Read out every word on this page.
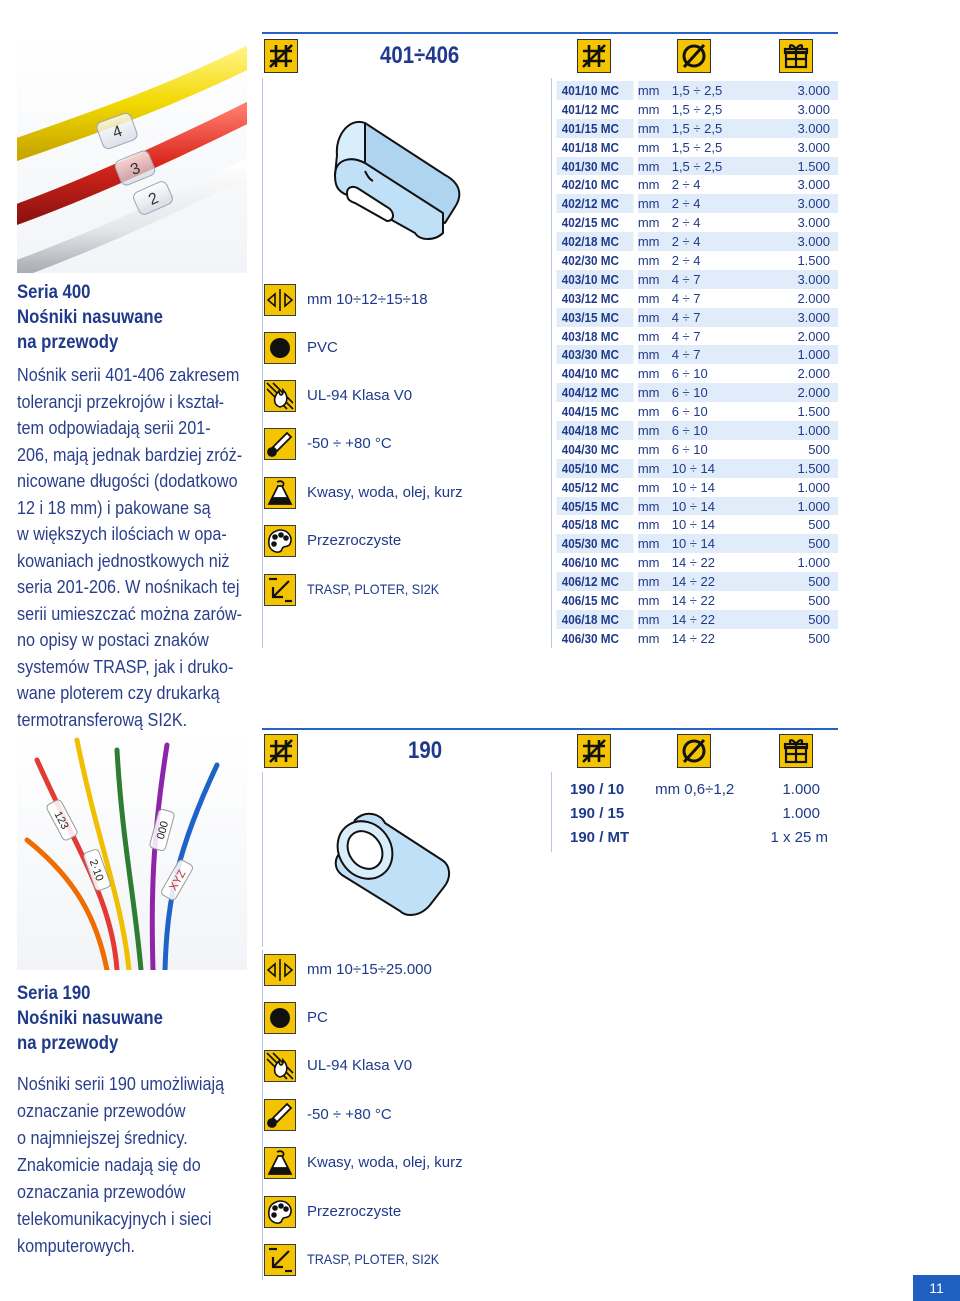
4
3
2
Seria 400
Nośniki nasuwane
na przewody
Nośnik serii 401-406 zakresem
tolerancji przekrojów i kształ-
tem odpowiadają serii 201-
206, mają jednak bardziej zróż-
nicowane długości (dodatkowo
12 i 18 mm) i pakowane są
w większych ilościach w opa-
kowaniach jednostkowych niż
seria 201-206. W nośnikach tej
serii umieszczać można zarów-
no opisy w postaci znaków
systemów TRASP, jak i druko-
wane ploterem czy drukarką
termotransferową SI2K.
401÷406
mm 10÷12÷15÷18
PVC
UL-94 Klasa V0
-50 ÷ +80 °C
Kwasy, woda, olej, kurz
Przezroczyste
TRASP, PLOTER, SI2K
401/10 MC	mm	1,5 ÷ 2,5	3.000
401/12 MC	mm	1,5 ÷ 2,5	3.000
401/15 MC	mm	1,5 ÷ 2,5	3.000
401/18 MC	mm	1,5 ÷ 2,5	3.000
401/30 MC	mm	1,5 ÷ 2,5	1.500
402/10 MC	mm	2 ÷ 4	3.000
402/12 MC	mm	2 ÷ 4	3.000
402/15 MC	mm	2 ÷ 4	3.000
402/18 MC	mm	2 ÷ 4	3.000
402/30 MC	mm	2 ÷ 4	1.500
403/10 MC	mm	4 ÷ 7	3.000
403/12 MC	mm	4 ÷ 7	2.000
403/15 MC	mm	4 ÷ 7	3.000
403/18 MC	mm	4 ÷ 7	2.000
403/30 MC	mm	4 ÷ 7	1.000
404/10 MC	mm	6 ÷ 10	2.000
404/12 MC	mm	6 ÷ 10	2.000
404/15 MC	mm	6 ÷ 10	1.500
404/18 MC	mm	6 ÷ 10	1.000
404/30 MC	mm	6 ÷ 10	500
405/10 MC	mm	10 ÷ 14	1.500
405/12 MC	mm	10 ÷ 14	1.000
405/15 MC	mm	10 ÷ 14	1.000
405/18 MC	mm	10 ÷ 14	500
405/30 MC	mm	10 ÷ 14	500
406/10 MC	mm	14 ÷ 22	1.000
406/12 MC	mm	14 ÷ 22	500
406/15 MC	mm	14 ÷ 22	500
406/18 MC	mm	14 ÷ 22	500
406/30 MC	mm	14 ÷ 22	500
190
190 / 10	mm 0,6÷1,2	1.000
190 / 15		1.000
190 / MT		1 x 25 m
123
2·10
000
XYZ
Seria 190
Nośniki nasuwane
na przewody
Nośniki serii 190 umożliwiają
oznaczanie przewodów
o najmniejszej średnicy.
Znakomicie nadają się do
oznaczania przewodów
telekomunikacyjnych i sieci
komputerowych.
mm 10÷15÷25.000
PC
UL-94 Klasa V0
-50 ÷ +80 °C
Kwasy, woda, olej, kurz
Przezroczyste
TRASP, PLOTER, SI2K
11
